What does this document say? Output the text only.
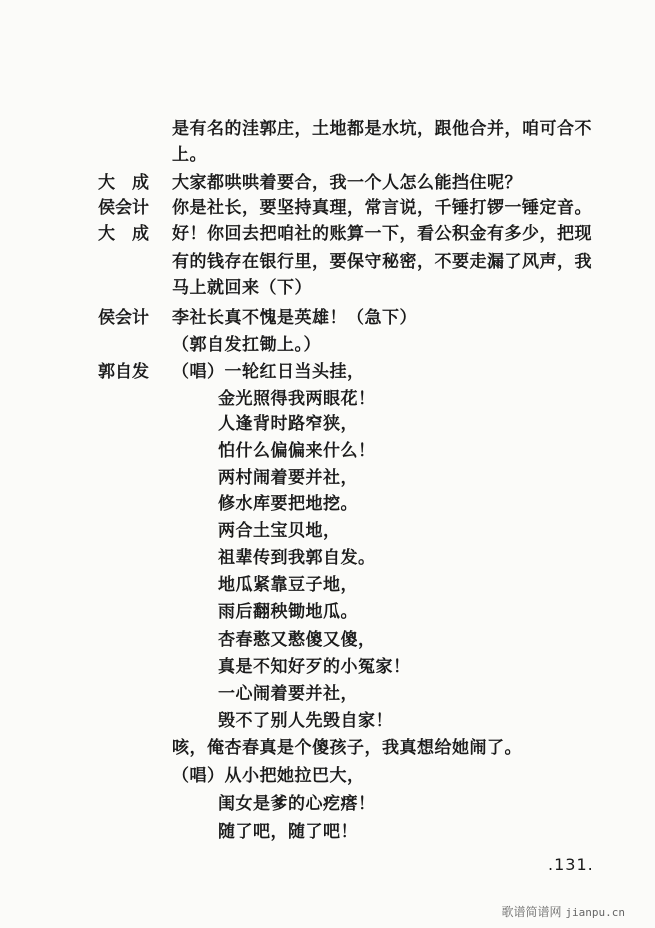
大　成
侯会计
大　成
侯会计
郭自发
是有名的洼郭庄，土地都是水坑，跟他合并，咱可合不
上。
大家都哄哄着要合，我一个人怎么能挡住呢？
你是社长，要坚持真理，常言说，千锤打锣一锤定音。
好！你回去把咱社的账算一下，看公积金有多少，把现
有的钱存在银行里，要保守秘密，不要走漏了风声，我
马上就回来（下）
李社长真不愧是英雄！（急下）
（郭自发扛锄上。）
（唱）一轮红日当头挂，
金光照得我两眼花！
人逢背时路窄狭，
怕什么偏偏来什么！
两村闹着要并社，
修水库要把地挖。
两合土宝贝地，
祖辈传到我郭自发。
地瓜紧靠豆子地，
雨后翻秧锄地瓜。
杏春憨又憨傻又傻，
真是不知好歹的小冤家！
一心闹着要并社，
毁不了别人先毁自家！
咳，俺杏春真是个傻孩子，我真想给她闹了。
（唱）从小把她拉巴大，
闺女是爹的心疙瘩！
随了吧，随了吧！
.131.
歌谱简谱网 jianpu.cn
